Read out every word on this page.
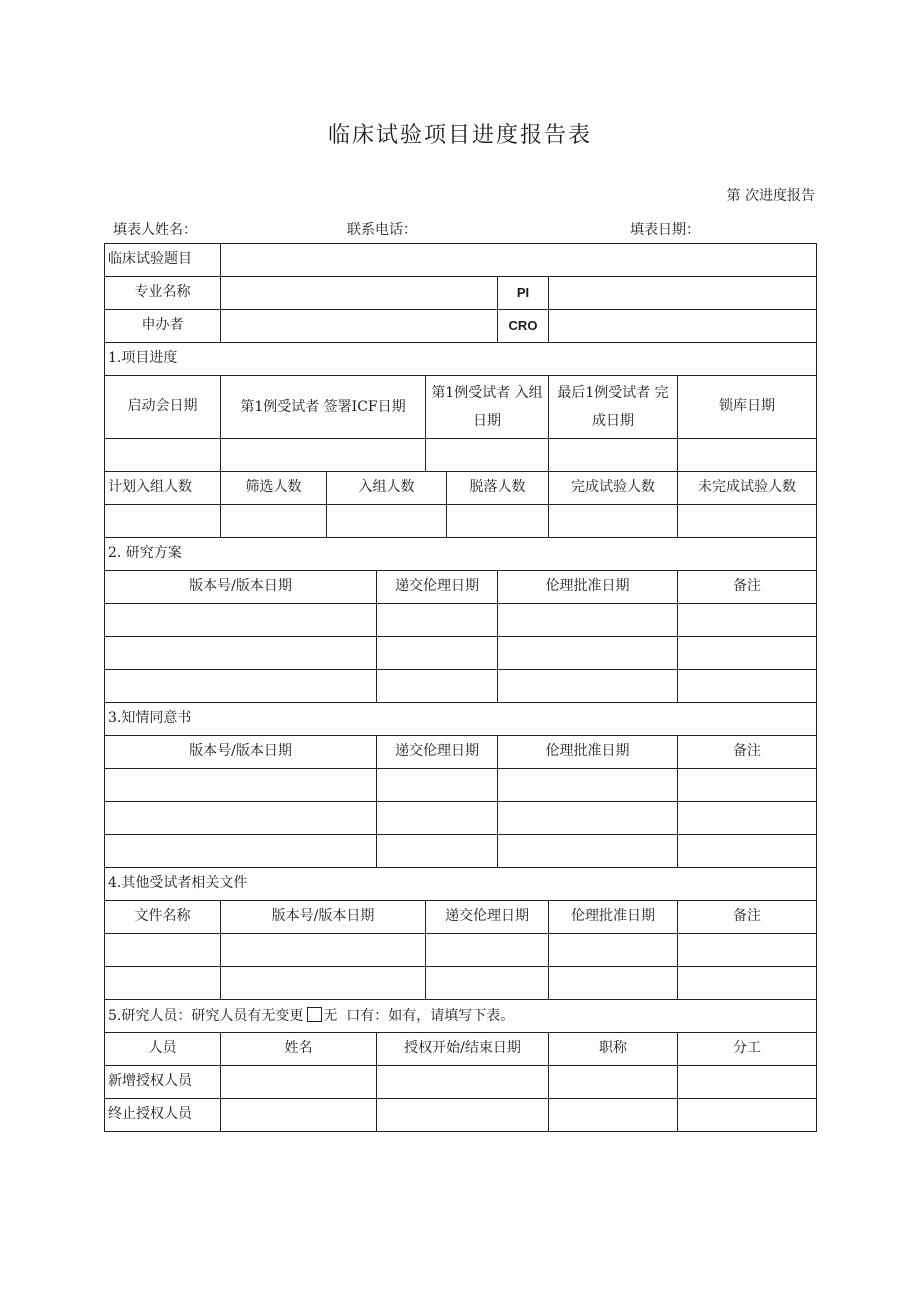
临床试验项目进度报告表
第 次进度报告
填表人姓名：	联系电话：	填表日期：
临床试验题目								
专业名称						PI		
申办者						CRO		
1.项目进度								
启动会日期	第1例受试者 签署ICF日期			第1例受试者 入组日期			最后1例受试者 完成日期	锁库日期

计划入组人数	筛选人数	入组人数			脱落人数		完成试验人数	未完成试验人数

2. 研究方案								
版本号/版本日期			递交伦理日期			伦理批准日期		备注

3.知情同意书								
版本号/版本日期			递交伦理日期			伦理批准日期		备注

4.其他受试者相关文件								
文件名称	版本号/版本日期			递交伦理日期			伦理批准日期	备注

5.研究人员：研究人员有无变更 无 口有：如有，请填写下表。								
人员	姓名		授权开始/结束日期				职称	分工
新增授权人员								
终止授权人员								
